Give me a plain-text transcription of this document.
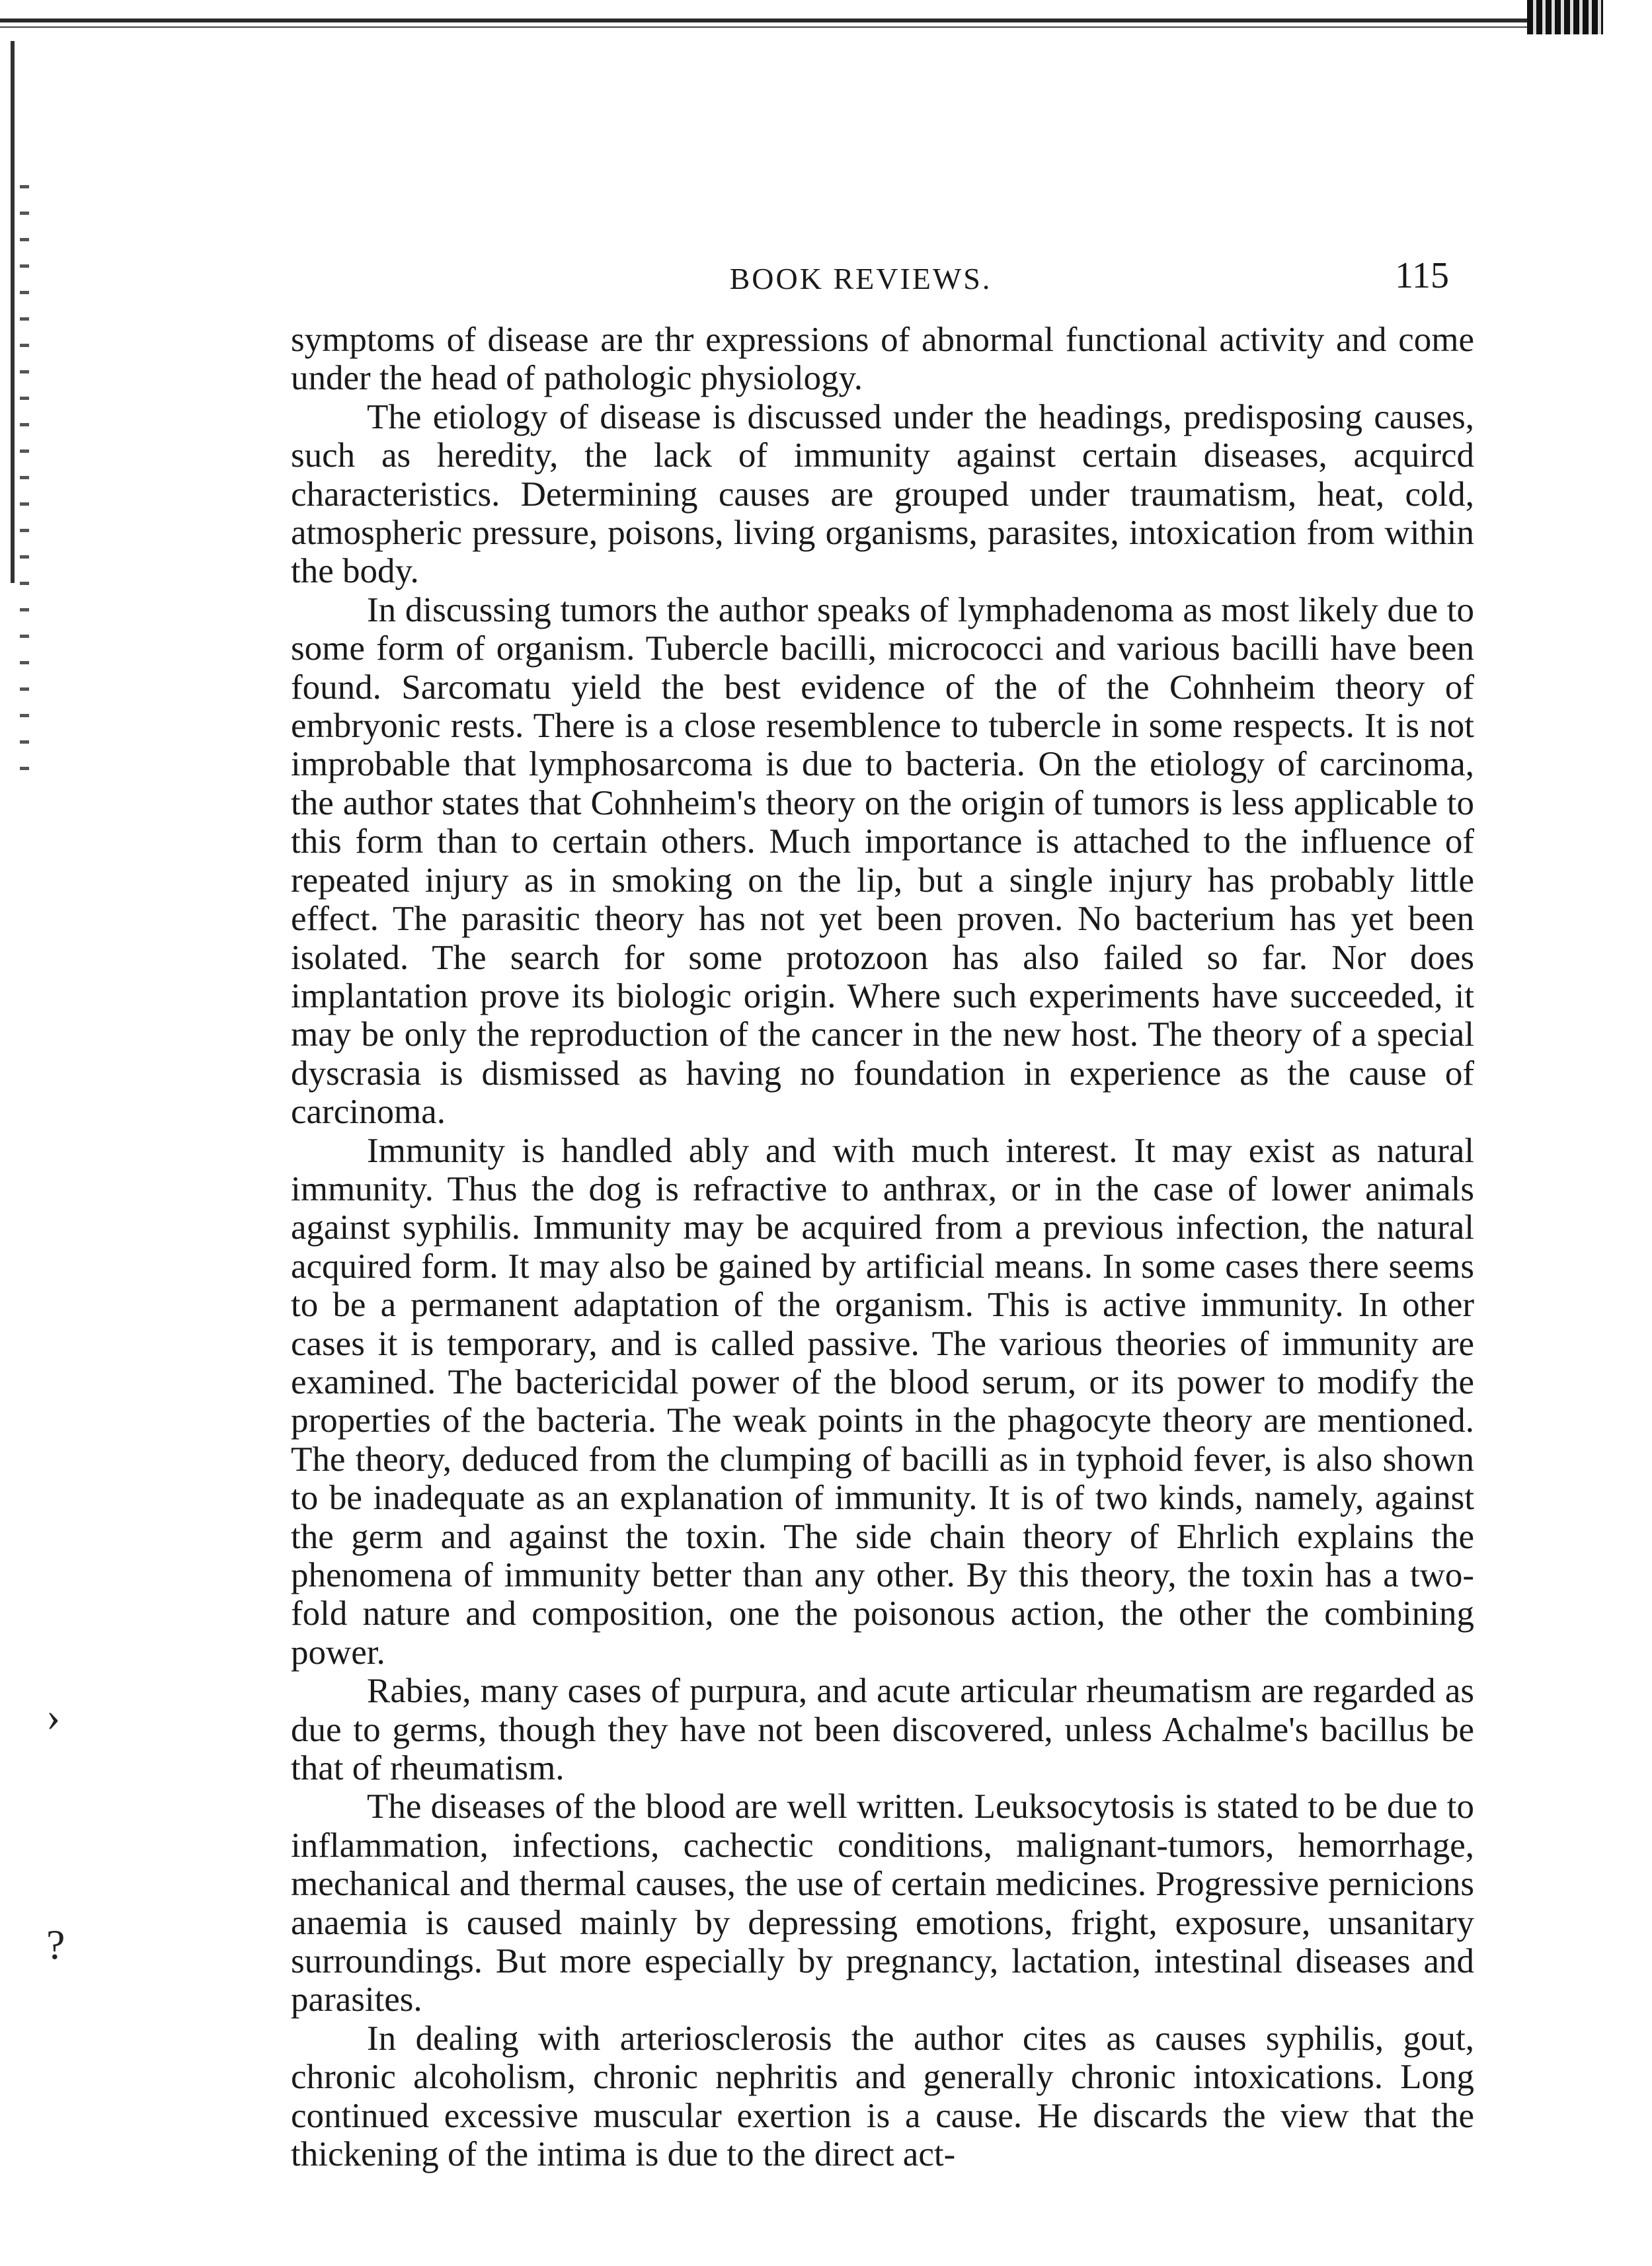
›
?
BOOK REVIEWS.	115

symptoms of disease are thr expressions of abnormal functional activity and come under the head of pathologic physiology.

The etiology of disease is discussed under the headings, predisposing causes, such as heredity, the lack of immunity against certain diseases, acquircd characteristics. Determining causes are grouped under traumatism, heat, cold, atmospheric pressure, poisons, living organisms, parasites, intoxication from within the body.

In discussing tumors the author speaks of lymphadenoma as most likely due to some form of organism. Tubercle bacilli, micrococci and various bacilli have been found. Sarcomatu yield the best evidence of the of the Cohnheim theory of embryonic rests. There is a close resemblence to tubercle in some respects. It is not improbable that lymphosarcoma is due to bacteria. On the etiology of carcinoma, the author states that Cohnheim's theory on the origin of tumors is less applicable to this form than to certain others. Much importance is attached to the influence of repeated injury as in smoking on the lip, but a single injury has probably little effect. The parasitic theory has not yet been proven. No bacterium has yet been isolated. The search for some protozoon has also failed so far. Nor does implantation prove its biologic origin. Where such experiments have succeeded, it may be only the reproduction of the cancer in the new host. The theory of a special dyscrasia is dismissed as having no foundation in experience as the cause of carcinoma.

Immunity is handled ably and with much interest. It may exist as natural immunity. Thus the dog is refractive to anthrax, or in the case of lower animals against syphilis. Immunity may be acquired from a previous infection, the natural acquired form. It may also be gained by artificial means. In some cases there seems to be a permanent adaptation of the organism. This is active immunity. In other cases it is temporary, and is called passive. The various theories of immunity are examined. The bactericidal power of the blood serum, or its power to modify the properties of the bacteria. The weak points in the phagocyte theory are mentioned. The theory, deduced from the clumping of bacilli as in typhoid fever, is also shown to be inadequate as an explanation of immunity. It is of two kinds, namely, against the germ and against the toxin. The side chain theory of Ehrlich explains the phenomena of immunity better than any other. By this theory, the toxin has a two-fold nature and composition, one the poisonous action, the other the combining power.

Rabies, many cases of purpura, and acute articular rheumatism are regarded as due to germs, though they have not been discovered, unless Achalme's bacillus be that of rheumatism.

The diseases of the blood are well written. Leuksocytosis is stated to be due to inflammation, infections, cachectic conditions, malignant-tumors, hemorrhage, mechanical and thermal causes, the use of certain medicines. Progressive pernicions anaemia is caused mainly by depressing emotions, fright, exposure, unsanitary surroundings. But more especially by pregnancy, lactation, intestinal diseases and parasites.

In dealing with arteriosclerosis the author cites as causes syphilis, gout, chronic alcoholism, chronic nephritis and generally chronic intoxications. Long continued excessive muscular exertion is a cause. He discards the view that the thickening of the intima is due to the direct act-
